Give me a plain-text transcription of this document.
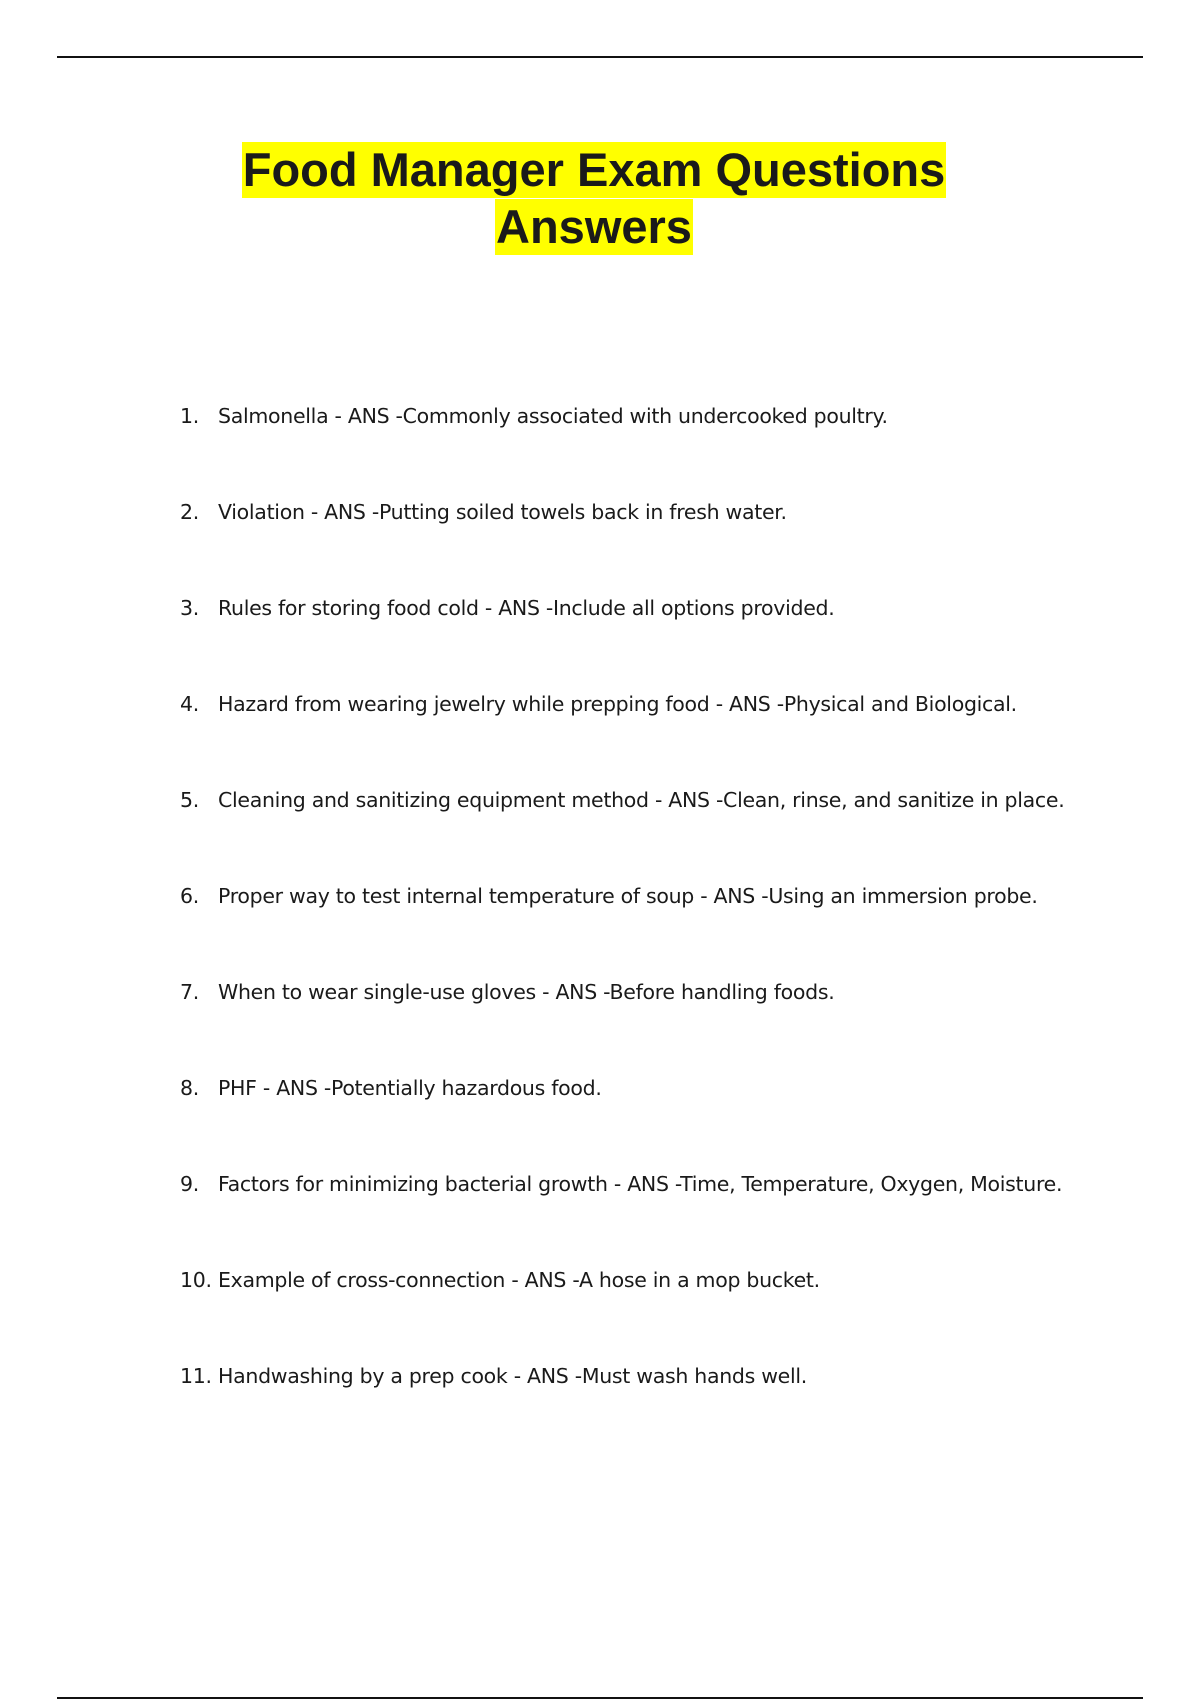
Food Manager Exam Questions
Answers
1. Salmonella - ANS -Commonly associated with undercooked poultry.
2. Violation - ANS -Putting soiled towels back in fresh water.
3. Rules for storing food cold - ANS -Include all options provided.
4. Hazard from wearing jewelry while prepping food - ANS -Physical and Biological.
5. Cleaning and sanitizing equipment method - ANS -Clean, rinse, and sanitize in place.
6. Proper way to test internal temperature of soup - ANS -Using an immersion probe.
7. When to wear single-use gloves - ANS -Before handling foods.
8. PHF - ANS -Potentially hazardous food.
9. Factors for minimizing bacterial growth - ANS -Time, Temperature, Oxygen, Moisture.
10. Example of cross-connection - ANS -A hose in a mop bucket.
11. Handwashing by a prep cook - ANS -Must wash hands well.
